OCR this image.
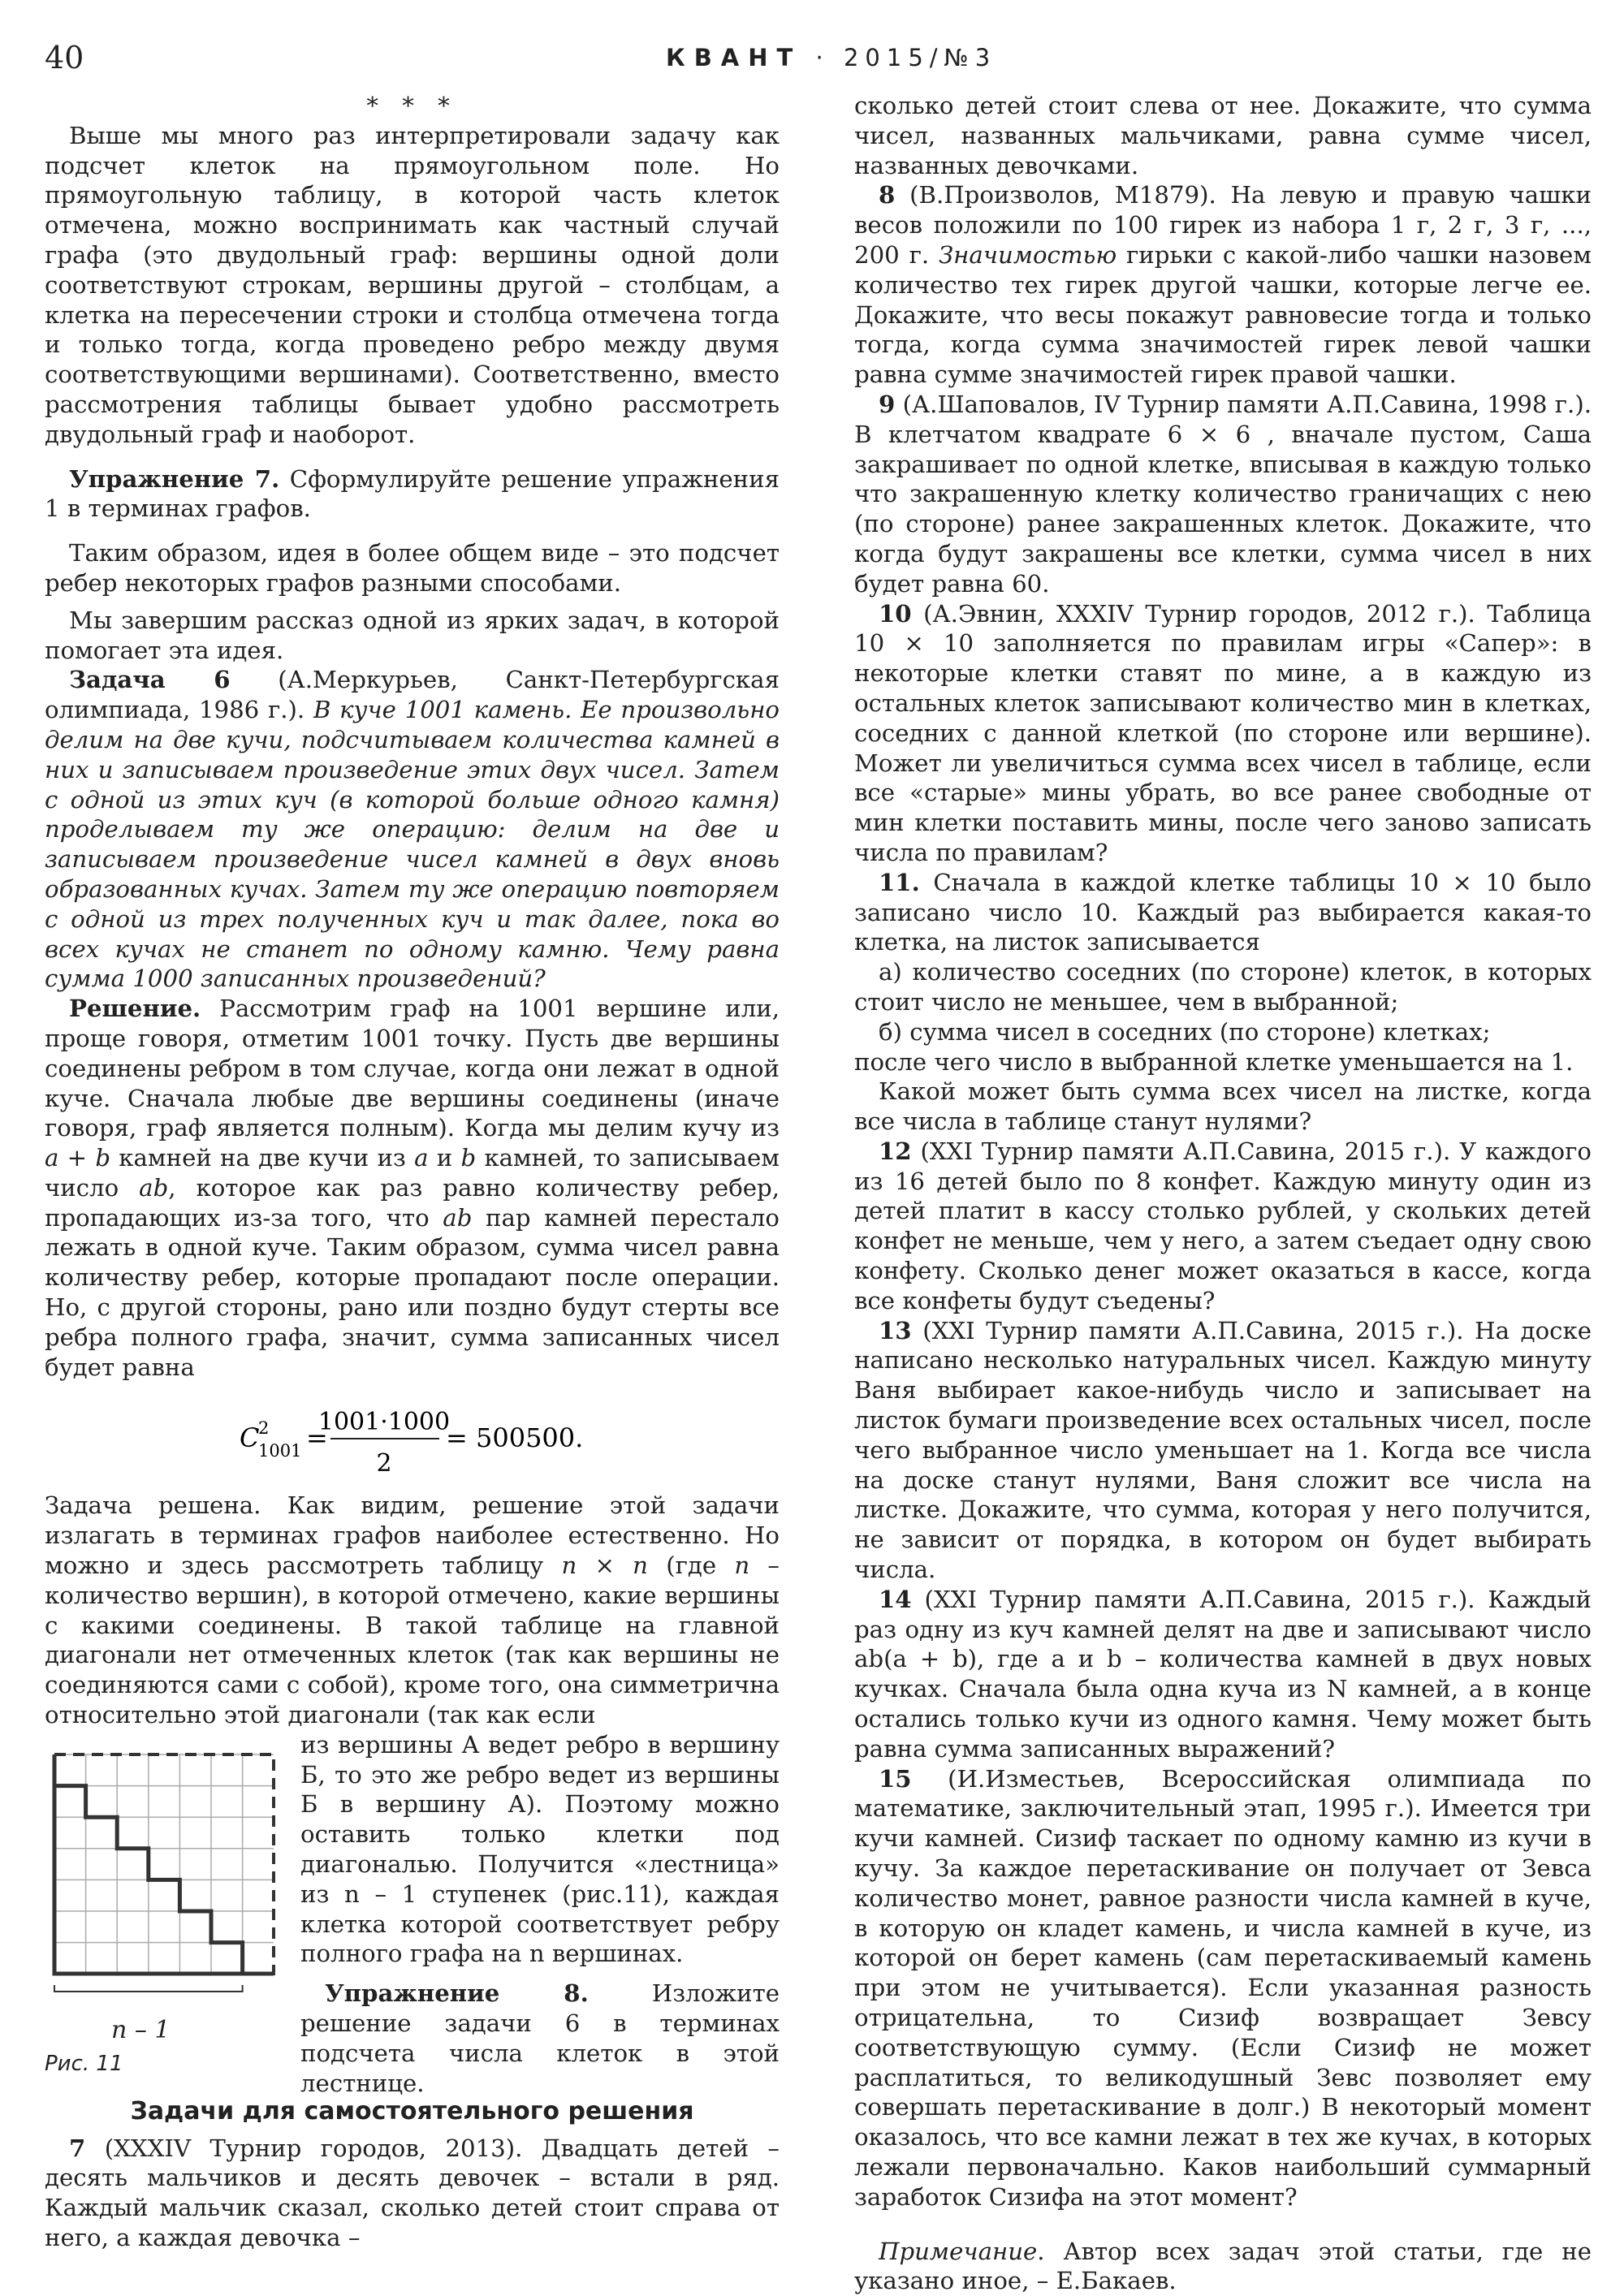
40	КВАНТ · 2015/№3

* * *

Выше мы много раз интерпретировали задачу как подсчет клеток на прямоугольном поле. Но прямоугольную таблицу, в которой часть клеток отмечена, можно воспринимать как частный случай графа (это двудольный граф: вершины одной доли соответствуют строкам, вершины другой – столбцам, а клетка на пересечении строки и столбца отмечена тогда и только тогда, когда проведено ребро между двумя соответствующими вершинами). Соответственно, вместо рассмотрения таблицы бывает удобно рассмотреть двудольный граф и наоборот.

Упражнение 7. Сформулируйте решение упражнения 1 в терминах графов.

Таким образом, идея в более общем виде – это подсчет ребер некоторых графов разными способами.

Мы завершим рассказ одной из ярких задач, в которой помогает эта идея.

Задача 6 (А.Меркурьев, Санкт-Петербургская олимпиада, 1986 г.). В куче 1001 камень. Ее произвольно делим на две кучи, подсчитываем количества камней в них и записываем произведение этих двух чисел. Затем с одной из этих куч (в которой больше одного камня) проделываем ту же операцию: делим на две и записываем произведение чисел камней в двух вновь образованных кучах. Затем ту же операцию повторяем с одной из трех полученных куч и так далее, пока во всех кучах не станет по одному камню. Чему равна сумма 1000 записанных произведений?

Решение. Рассмотрим граф на 1001 вершине или, проще говоря, отметим 1001 точку. Пусть две вершины соединены ребром в том случае, когда они лежат в одной куче. Сначала любые две вершины соединены (иначе говоря, граф является полным). Когда мы делим кучу из a + b камней на две кучи из a и b камней, то записываем число ab, которое как раз равно количеству ребер, пропадающих из-за того, что ab пар камней перестало лежать в одной куче. Таким образом, сумма чисел равна количеству ребер, которые пропадают после операции. Но, с другой стороны, рано или поздно будут стерты все ребра полного графа, значит, сумма записанных чисел будет равна

C
2
1001 =
1001·1000
2
= 500500.

Задача решена. Как видим, решение этой задачи излагать в терминах графов наиболее естественно. Но можно и здесь рассмотреть таблицу n × n (где n – количество вершин), в которой отмечено, какие вершины с какими соединены. В такой таблице на главной диагонали нет отмеченных клеток (так как вершины не соединяются сами с собой), кроме того, она симметрична относительно этой диагонали (так как если

n – 1
Рис. 11

из вершины А ведет ребро в вершину Б, то это же ребро ведет из вершины Б в вершину А). Поэтому можно оставить только клетки под диагональю. Получится «лестница» из n – 1 ступенек (рис.11), каждая клетка которой соответствует ребру полного графа на n вершинах.

Упражнение 8. Изложите решение задачи 6 в терминах подсчета числа клеток в этой лестнице.

Задачи для самостоятельного решения

7 (XXXIV Турнир городов, 2013). Двадцать детей – десять мальчиков и десять девочек – встали в ряд. Каждый мальчик сказал, сколько детей стоит справа от него, а каждая девочка –

сколько детей стоит слева от нее. Докажите, что сумма чисел, названных мальчиками, равна сумме чисел, названных девочками.

8 (В.Произволов, М1879). На левую и правую чашки весов положили по 100 гирек из набора 1 г, 2 г, 3 г, ..., 200 г. Значимостью гирьки с какой-либо чашки назовем количество тех гирек другой чашки, которые легче ее. Докажите, что весы покажут равновесие тогда и только тогда, когда сумма значимостей гирек левой чашки равна сумме значимостей гирек правой чашки.

9 (А.Шаповалов, IV Турнир памяти А.П.Савина, 1998 г.). В клетчатом квадрате 6 × 6 , вначале пустом, Саша закрашивает по одной клетке, вписывая в каждую только что закрашенную клетку количество граничащих с нею (по стороне) ранее закрашенных клеток. Докажите, что когда будут закрашены все клетки, сумма чисел в них будет равна 60.

10 (А.Эвнин, XXXIV Турнир городов, 2012 г.). Таблица 10 × 10 заполняется по правилам игры «Сапер»: в некоторые клетки ставят по мине, а в каждую из остальных клеток записывают количество мин в клетках, соседних с данной клеткой (по стороне или вершине). Может ли увеличиться сумма всех чисел в таблице, если все «старые» мины убрать, во все ранее свободные от мин клетки поставить мины, после чего заново записать числа по правилам?

11. Сначала в каждой клетке таблицы 10 × 10 было записано число 10. Каждый раз выбирается какая-то клетка, на листок записывается

а) количество соседних (по стороне) клеток, в которых стоит число не меньшее, чем в выбранной;

б) сумма чисел в соседних (по стороне) клетках;

после чего число в выбранной клетке уменьшается на 1.

Какой может быть сумма всех чисел на листке, когда все числа в таблице станут нулями?

12 (XXI Турнир памяти А.П.Савина, 2015 г.). У каждого из 16 детей было по 8 конфет. Каждую минуту один из детей платит в кассу столько рублей, у скольких детей конфет не меньше, чем у него, а затем съедает одну свою конфету. Сколько денег может оказаться в кассе, когда все конфеты будут съедены?

13 (XXI Турнир памяти А.П.Савина, 2015 г.). На доске написано несколько натуральных чисел. Каждую минуту Ваня выбирает какое-нибудь число и записывает на листок бумаги произведение всех остальных чисел, после чего выбранное число уменьшает на 1. Когда все числа на доске станут нулями, Ваня сложит все числа на листке. Докажите, что сумма, которая у него получится, не зависит от порядка, в котором он будет выбирать числа.

14 (XXI Турнир памяти А.П.Савина, 2015 г.). Каждый раз одну из куч камней делят на две и записывают число ab(a + b), где a и b – количества камней в двух новых кучках. Сначала была одна куча из N камней, а в конце остались только кучи из одного камня. Чему может быть равна сумма записанных выражений?

15 (И.Изместьев, Всероссийская олимпиада по математике, заключительный этап, 1995 г.). Имеется три кучи камней. Сизиф таскает по одному камню из кучи в кучу. За каждое перетаскивание он получает от Зевса количество монет, равное разности числа камней в куче, в которую он кладет камень, и числа камней в куче, из которой он берет камень (сам перетаскиваемый камень при этом не учитывается). Если указанная разность отрицательна, то Сизиф возвращает Зевсу соответствующую сумму. (Если Сизиф не может расплатиться, то великодушный Зевс позволяет ему совершать перетаскивание в долг.) В некоторый момент оказалось, что все камни лежат в тех же кучах, в которых лежали первоначально. Каков наибольший суммарный заработок Сизифа на этот момент?

Примечание. Автор всех задач этой статьи, где не указано иное, – Е.Бакаев.
